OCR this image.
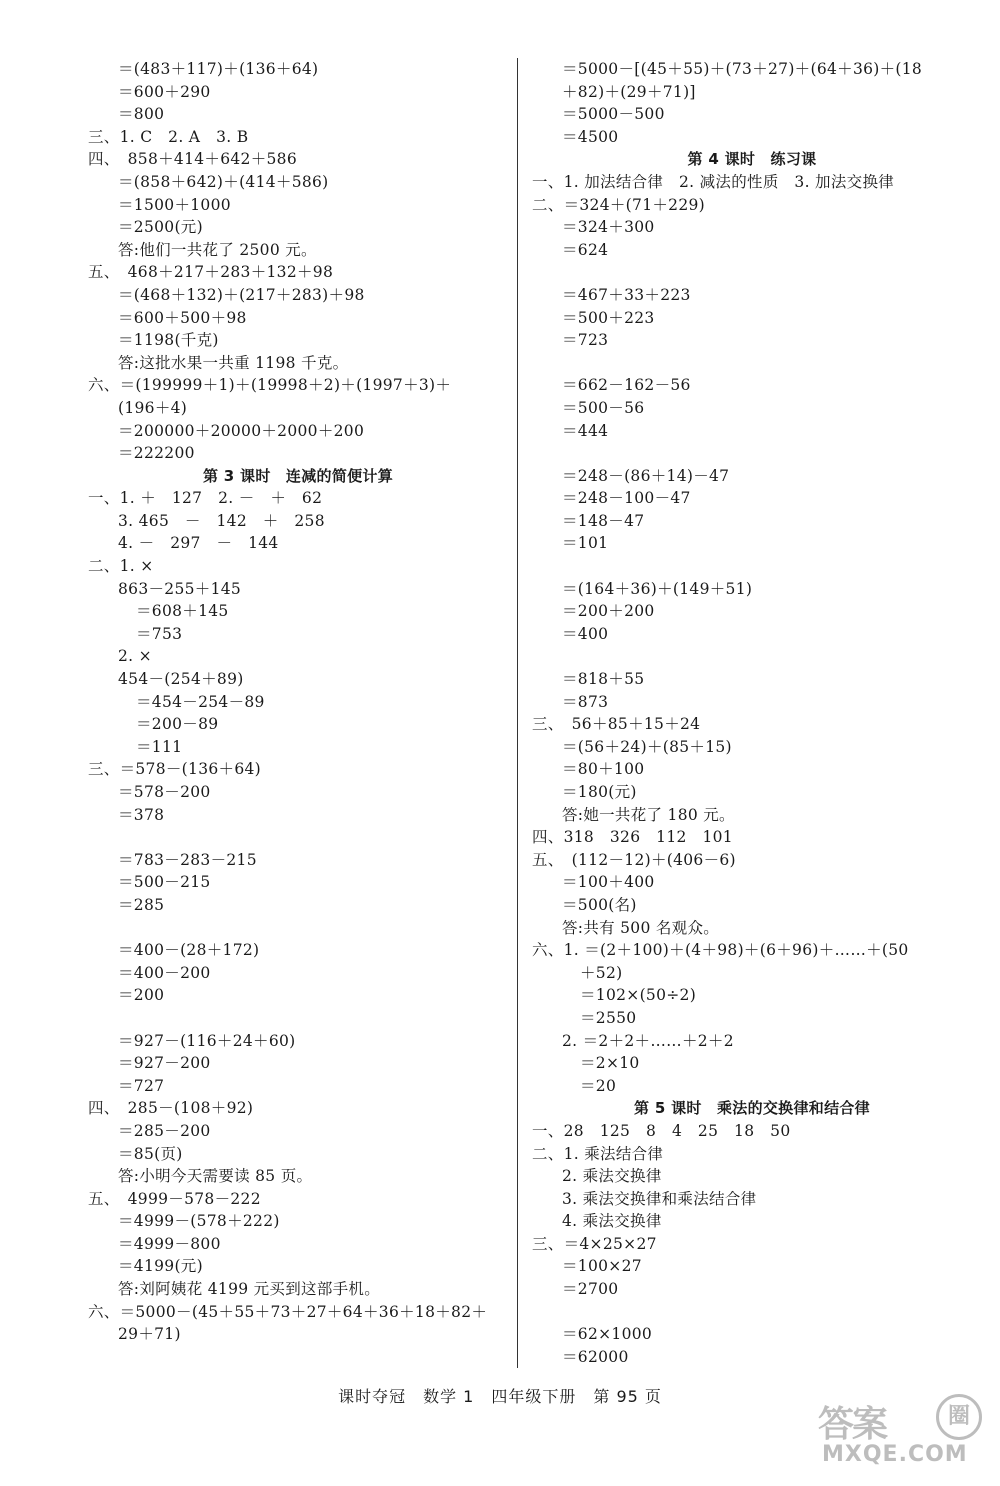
＝(483＋117)＋(136＋64)
＝600＋290
＝800
三、1. C　2. A　3. B
四、　858＋414＋642＋586
＝(858＋642)＋(414＋586)
＝1500＋1000
＝2500(元)
答:他们一共花了 2500 元。
五、　468＋217＋283＋132＋98
＝(468＋132)＋(217＋283)＋98
＝600＋500＋98
＝1198(千克)
答:这批水果一共重 1198 千克。
六、＝(199999＋1)＋(19998＋2)＋(1997＋3)＋
(196＋4)
＝200000＋20000＋2000＋200
＝222200
第 3 课时　连减的简便计算
一、1. ＋　127　2. －　＋　62
3. 465　－　142　＋　258
4. －　297　－　144
二、1. ×
863－255＋145
＝608＋145
＝753
2. ×
454－(254＋89)
＝454－254－89
＝200－89
＝111
三、＝578－(136＋64)
＝578－200
＝378
＝783－283－215
＝500－215
＝285
＝400－(28＋172)
＝400－200
＝200
＝927－(116＋24＋60)
＝927－200
＝727
四、　285－(108＋92)
＝285－200
＝85(页)
答:小明今天需要读 85 页。
五、　4999－578－222
＝4999－(578＋222)
＝4999－800
＝4199(元)
答:刘阿姨花 4199 元买到这部手机。
六、＝5000－(45＋55＋73＋27＋64＋36＋18＋82＋
29＋71)
＝5000－[(45＋55)＋(73＋27)＋(64＋36)＋(18
＋82)＋(29＋71)]
＝5000－500
＝4500
第 4 课时　练习课
一、1. 加法结合律　2. 减法的性质　3. 加法交换律
二、＝324＋(71＋229)
＝324＋300
＝624
＝467＋33＋223
＝500＋223
＝723
＝662－162－56
＝500－56
＝444
＝248－(86＋14)－47
＝248－100－47
＝148－47
＝101
＝(164＋36)＋(149＋51)
＝200＋200
＝400
＝818＋55
＝873
三、　56＋85＋15＋24
＝(56＋24)＋(85＋15)
＝80＋100
＝180(元)
答:她一共花了 180 元。
四、318　326　112　101
五、　(112－12)＋(406－6)
＝100＋400
＝500(名)
答:共有 500 名观众。
六、1. ＝(2＋100)＋(4＋98)＋(6＋96)＋……＋(50
＋52)
＝102×(50÷2)
＝2550
2. ＝2＋2＋……＋2＋2
＝2×10
＝20
第 5 课时　乘法的交换律和结合律
一、28　125　8　4　25　18　50
二、1. 乘法结合律
2. 乘法交换律
3. 乘法交换律和乘法结合律
4. 乘法交换律
三、＝4×25×27
＝100×27
＝2700
＝62×1000
＝62000
课时夺冠　数学 1　四年级下册　第 95 页
答案	圈
MXQE.COM
